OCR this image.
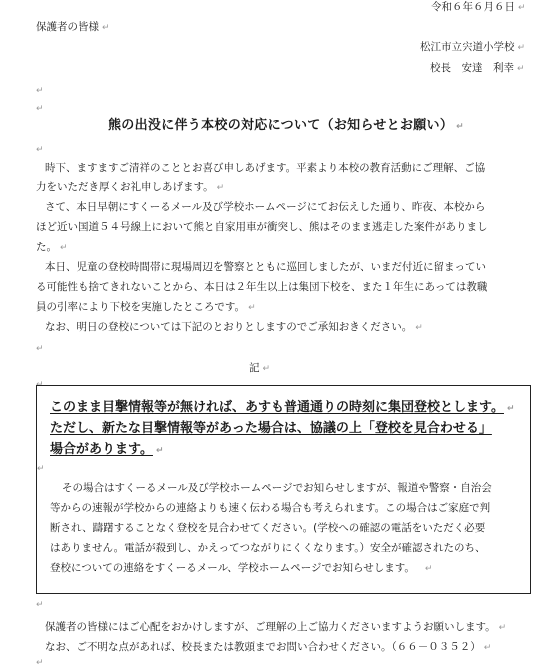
令和６年６月６日 ↵
保護者の皆様 ↵
松江市立宍道小学校 ↵
校長　安達　利幸 ↵
↵
↵
熊の出没に伴う本校の対応について（お知らせとお願い） ↵
↵
時下、ますますご清祥のこととお喜び申しあげます。平素より本校の教育活動にご理解、ご協
力をいただき厚くお礼申しあげます。 ↵
さて、本日早朝にすくーるメール及び学校ホームページにてお伝えした通り、昨夜、本校から
ほど近い国道５４号線上において熊と自家用車が衝突し、熊はそのまま逃走した案件がありまし
た。 ↵
本日、児童の登校時間帯に現場周辺を警察とともに巡回しましたが、いまだ付近に留まってい
る可能性も捨てきれないことから、本日は２年生以上は集団下校を、また１年生にあっては教職
員の引率により下校を実施したところです。 ↵
なお、明日の登校については下記のとおりとしますのでご承知おきください。 ↵
↵
記 ↵
↵
このまま目撃情報等が無ければ、あすも普通通りの時刻に集団登校とします。 ↵
ただし、新たな目撃情報等があった場合は、協議の上「登校を見合わせる」
場合があります。 ↵
↵
その場合はすくーるメール及び学校ホームページでお知らせしますが、報道や警察・自治会
等からの速報が学校からの連絡よりも速く伝わる場合も考えられます。この場合はご家庭で判
断され、躊躇することなく登校を見合わせてください。(学校への確認の電話をいただく必要
はありません。電話が殺到し、かえってつながりにくくなります。）安全が確認されたのち、
登校についての連絡をすくーるメール、学校ホームページでお知らせします。 ↵
↵
保護者の皆様にはご心配をおかけしますが、ご理解の上ご協力くださいますようお願いします。 ↵
なお、ご不明な点があれば、校長または教頭までお問い合わせください。（６６－０３５２） ↵
↵
